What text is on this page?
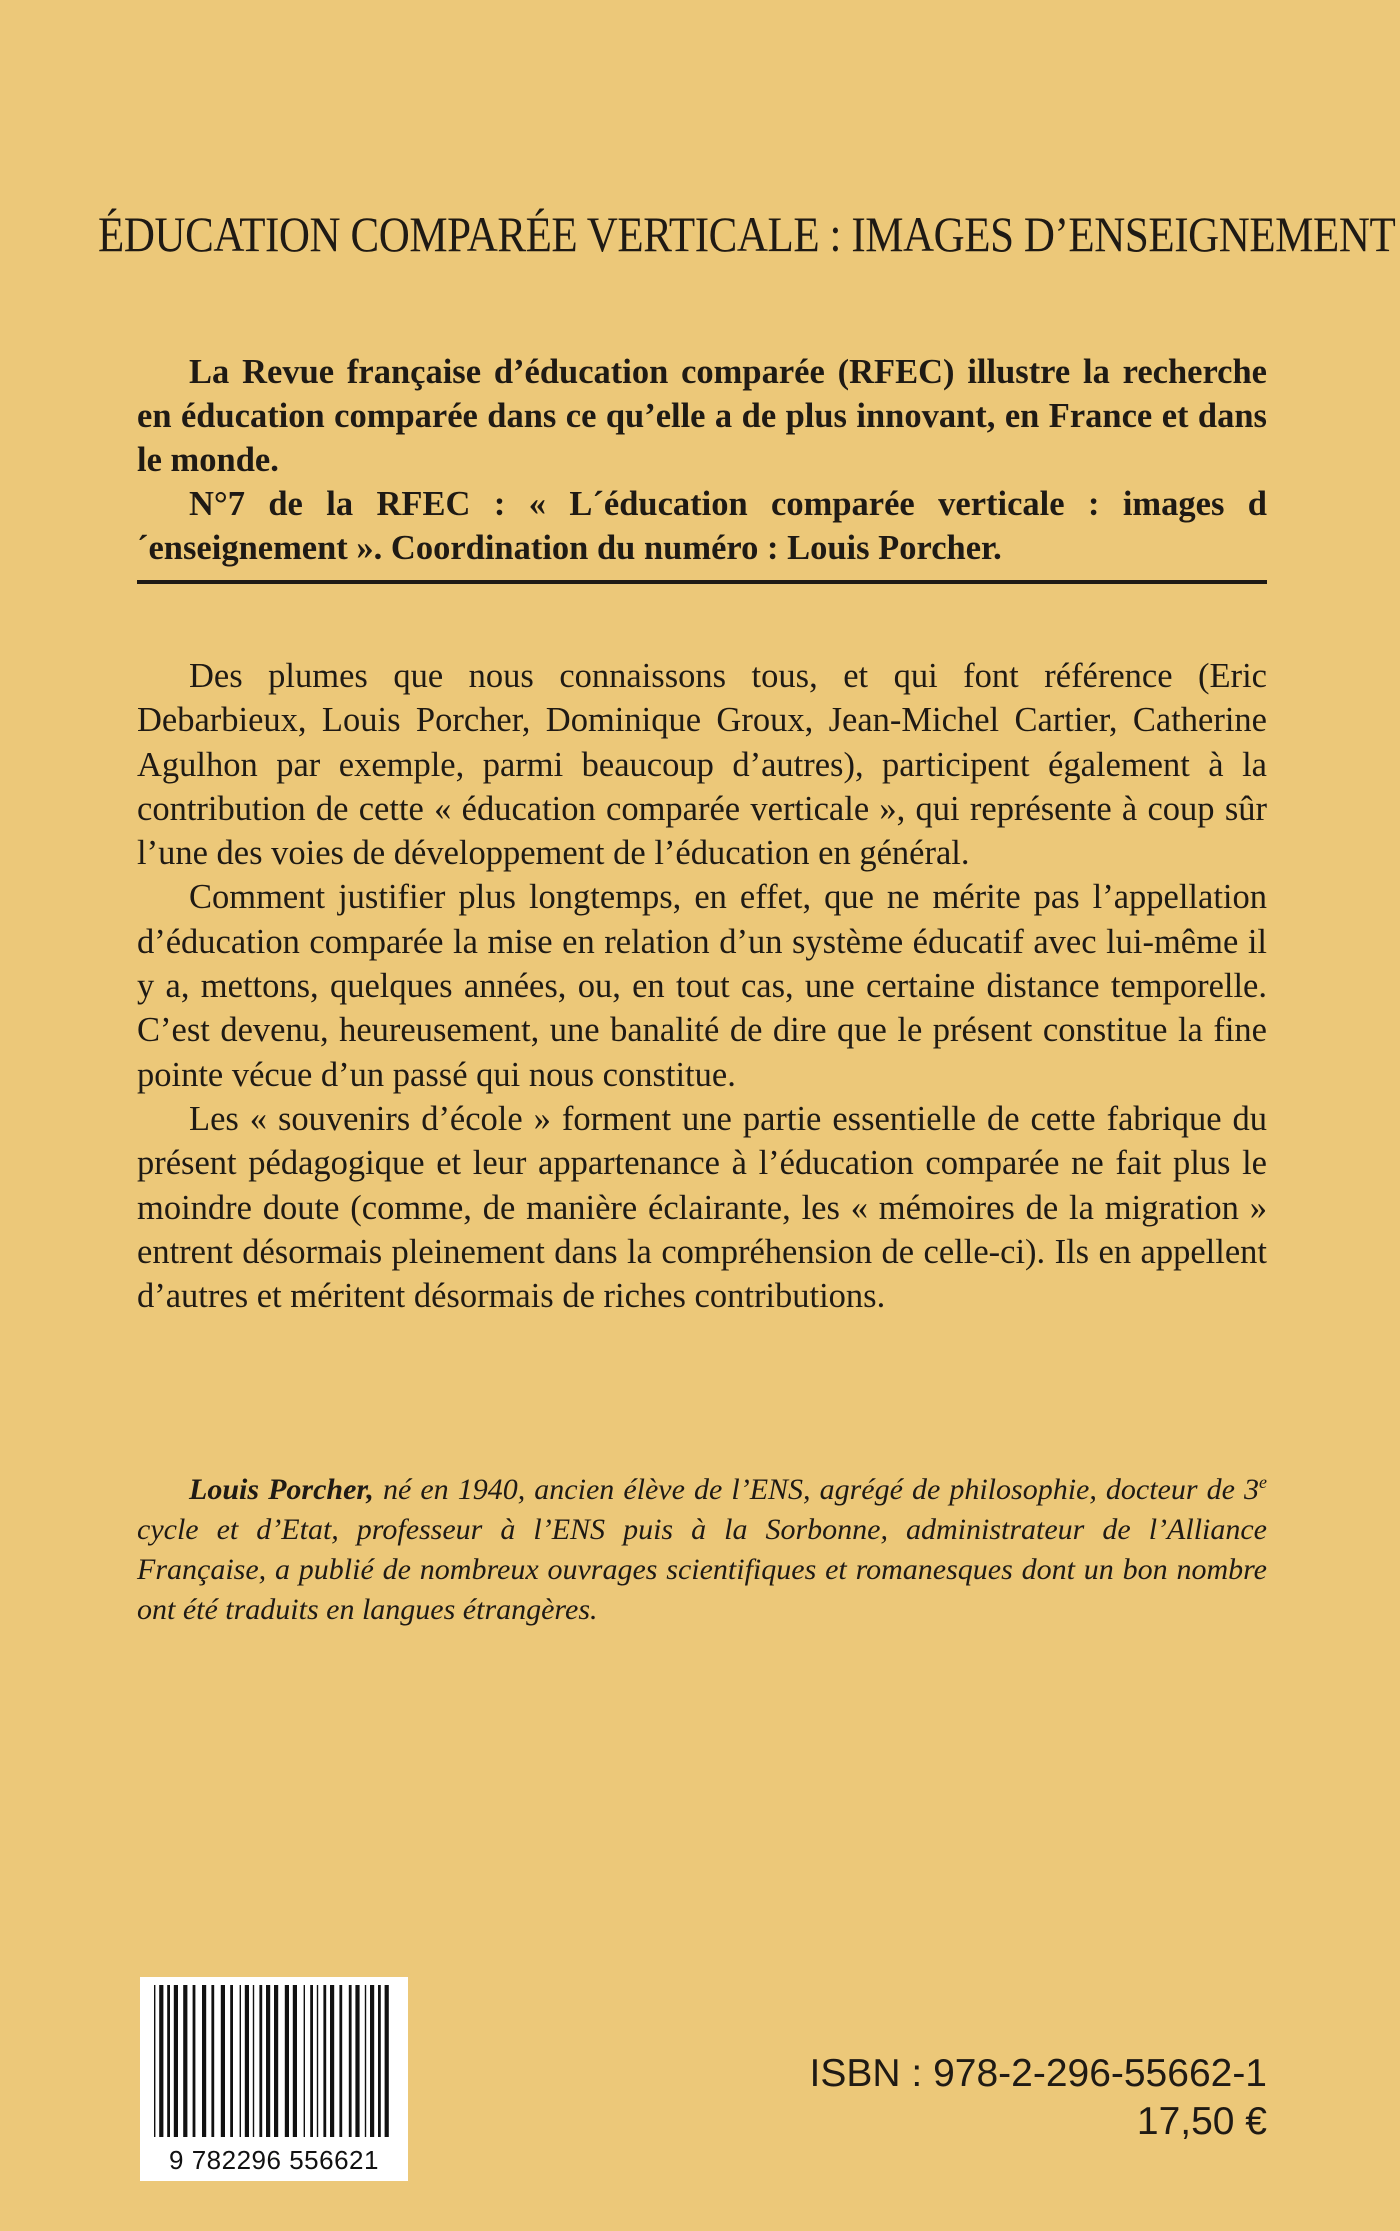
ÉDUCATION COMPARÉE VERTICALE : IMAGES D’ENSEIGNEMENT

La Revue française d’éducation comparée (RFEC) illustre la recherche en éducation comparée dans ce qu’elle a de plus innovant, en France et dans le monde.

N°7 de la RFEC : « L´éducation comparée verticale : images d´enseignement ». Coordination du numéro : Louis Porcher.

Des plumes que nous connaissons tous, et qui font référence (Eric Debarbieux, Louis Porcher, Dominique Groux, Jean-Michel Cartier, Catherine Agulhon par exemple, parmi beaucoup d’autres), participent également à la contribution de cette « éducation comparée verticale », qui représente à coup sûr l’une des voies de développement de l’éducation en général.

Comment justifier plus longtemps, en effet, que ne mérite pas l’appellation d’éducation comparée la mise en relation d’un système éducatif avec lui-même il y a, mettons, quelques années, ou, en tout cas, une certaine distance temporelle. C’est devenu, heureusement, une banalité de dire que le présent constitue la fine pointe vécue d’un passé qui nous constitue.

Les « souvenirs d’école » forment une partie essentielle de cette fabrique du présent pédagogique et leur appartenance à l’éducation comparée ne fait plus le moindre doute (comme, de manière éclairante, les « mémoires de la migration » entrent désormais pleinement dans la compréhension de celle-ci). Ils en appellent d’autres et méritent désormais de riches contributions.

Louis Porcher, né en 1940, ancien élève de l’ENS, agrégé de philosophie, docteur de 3e cycle et d’Etat, professeur à l’ENS puis à la Sorbonne, administrateur de l’Alliance Française, a publié de nombreux ouvrages scientifiques et romanesques dont un bon nombre ont été traduits en langues étrangères.

9 782296 556621
ISBN : 978-2-296-55662-1
17,50 €
